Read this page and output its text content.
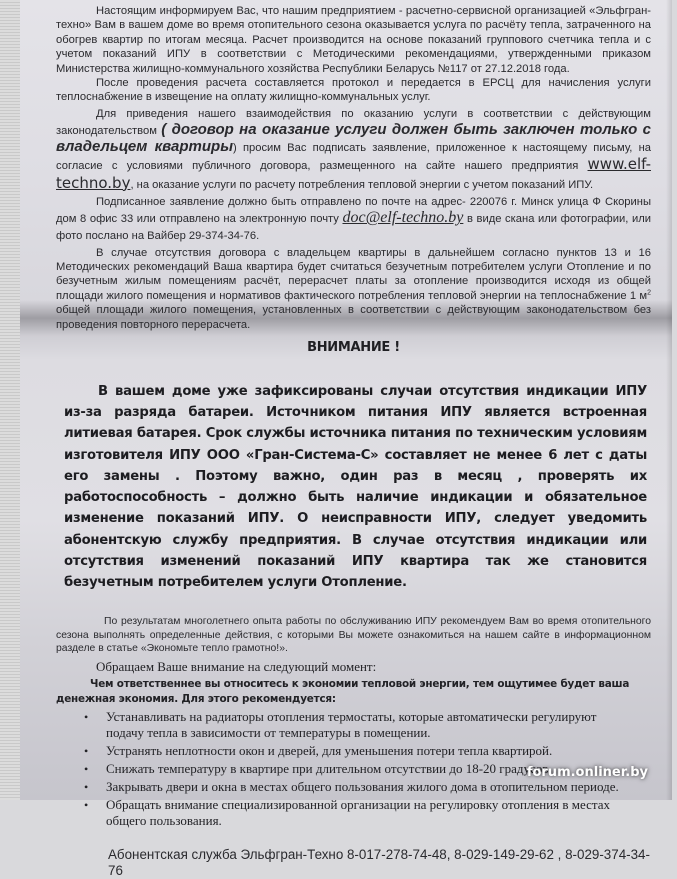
Настоящим информируем Вас, что нашим предприятием - расчетно-сервисной организацией «Эльфгран-техно» Вам в вашем доме во время отопительного сезона оказывается услуга по расчёту тепла, затраченного на обогрев квартир по итогам месяца. Расчет производится на основе показаний группового счетчика тепла и с учетом показаний ИПУ в соответствии с Методическими рекомендациями, утвержденными приказом Министерства жилищно-коммунального хозяйства Республики Беларусь №117 от 27.12.2018 года.

После проведения расчета составляется протокол и передается в ЕРСЦ для начисления услуги теплоснабжение в извещение на оплату жилищно-коммунальных услуг.

Для приведения нашего взаимодействия по оказанию услуги в соответствии с действующим законодательством ( договор на оказание услуги должен быть заключен только с владельцем квартиры) просим Вас подписать заявление, приложенное к настоящему письму, на согласие с условиями публичного договора, размещенного на сайте нашего предприятия www.elf-techno.by, на оказание услуги по расчету потребления тепловой энергии с учетом показаний ИПУ.

Подписанное заявление должно быть отправлено по почте на адрес- 220076 г. Минск улица Ф Скорины дом 8 офис 33 или отправлено на электронную почту doc@elf-techno.by в виде скана или фотографии, или фото послано на Вайбер 29-374-34-76.

В случае отсутствия договора с владельцем квартиры в дальнейшем согласно пунктов 13 и 16 Методических рекомендаций Ваша квартира будет считаться безучетным потребителем услуги Отопление и по безучетным жилым помещениям расчёт, перерасчет платы за отопление производится исходя из общей площади жилого помещения и нормативов фактического потребления тепловой энергии на теплоснабжение 1 $м^2$ общей площади жилого помещения, установленных в соответствии с действующим законодательством без проведения повторного перерасчета.

ВНИМАНИЕ !

В вашем доме уже зафиксированы случаи отсутствия индикации ИПУ из-за разряда батареи. Источником питания ИПУ является встроенная литиевая батарея. Срок службы источника питания по техническим условиям изготовителя ИПУ ООО «Гран-Система-С» составляет не менее 6 лет с даты его замены . Поэтому важно, один раз в месяц , проверять их работоспособность – должно быть наличие индикации и обязательное изменение показаний ИПУ. О неисправности ИПУ, следует уведомить абонентскую службу предприятия. В случае отсутствия индикации или отсутствия изменений показаний ИПУ квартира так же становится безучетным потребителем услуги Отопление.

По результатам многолетнего опыта работы по обслуживанию ИПУ рекомендуем Вам во время отопительного сезона выполнять определенные действия, с которыми Вы можете ознакомиться на нашем сайте в информационном разделе в статье «Экономьте тепло грамотно!».

Обращаем Ваше внимание на следующий момент:

Чем ответственнее вы относитесь к экономии тепловой энергии, тем ощутимее будет ваша денежная экономия. Для этого рекомендуется:

• Устанавливать на радиаторы отопления термостаты, которые автоматически регулируют подачу тепла в зависимости от температуры в помещении.
• Устранять неплотности окон и дверей, для уменьшения потери тепла квартирой.
• Снижать температуру в квартире при длительном отсутствии до 18-20 градусов.
• Закрывать двери и окна в местах общего пользования жилого дома в отопительном периоде.
• Обращать внимание специализированной организации на регулировку отопления в местах общего пользования.

Абонентская служба Эльфгран-Техно 8-017-278-74-48, 8-029-149-29-62 , 8-029-374-34-76

forum.onliner.by
